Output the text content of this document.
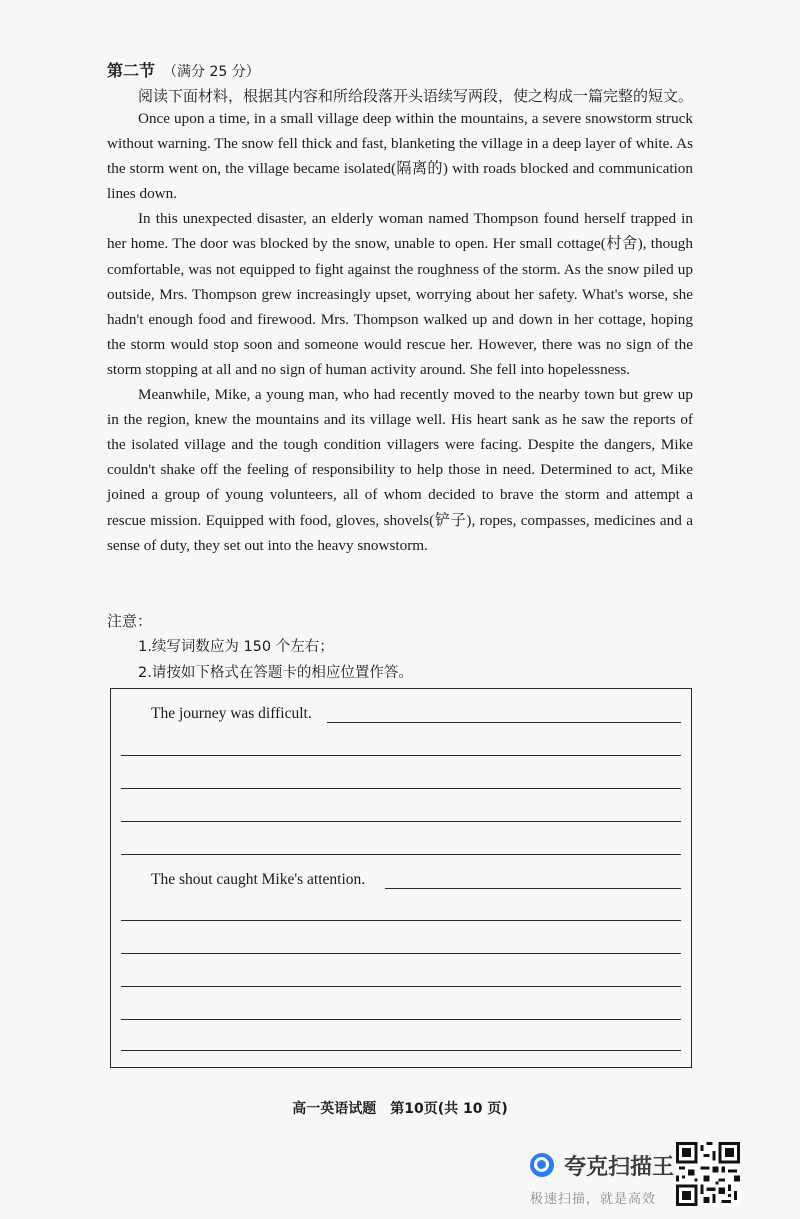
第二节 （满分 25 分）
阅读下面材料，根据其内容和所给段落开头语续写两段，使之构成一篇完整的短文。

Once upon a time, in a small village deep within the mountains, a severe snowstorm struck without warning. The snow fell thick and fast, blanketing the village in a deep layer of white. As the storm went on, the village became isolated(隔离的) with roads blocked and communication lines down.

In this unexpected disaster, an elderly woman named Thompson found herself trapped in her home. The door was blocked by the snow, unable to open. Her small cottage(村舍), though comfortable, was not equipped to fight against the roughness of the storm. As the snow piled up outside, Mrs. Thompson grew increasingly upset, worrying about her safety. What's worse, she hadn't enough food and firewood. Mrs. Thompson walked up and down in her cottage, hoping the storm would stop soon and someone would rescue her. However, there was no sign of the storm stopping at all and no sign of human activity around. She fell into hopelessness.

Meanwhile, Mike, a young man, who had recently moved to the nearby town but grew up in the region, knew the mountains and its village well. His heart sank as he saw the reports of the isolated village and the tough condition villagers were facing. Despite the dangers, Mike couldn't shake off the feeling of responsibility to help those in need. Determined to act, Mike joined a group of young volunteers, all of whom decided to brave the storm and attempt a rescue mission. Equipped with food, gloves, shovels(铲子), ropes, compasses, medicines and a sense of duty, they set out into the heavy snowstorm.

注意：
1.续写词数应为 150 个左右；
2.请按如下格式在答题卡的相应位置作答。
The journey was difficult.
The shout caught Mike's attention.
高一英语试题　第10页(共 10 页)
夸克扫描王
极速扫描，就是高效
